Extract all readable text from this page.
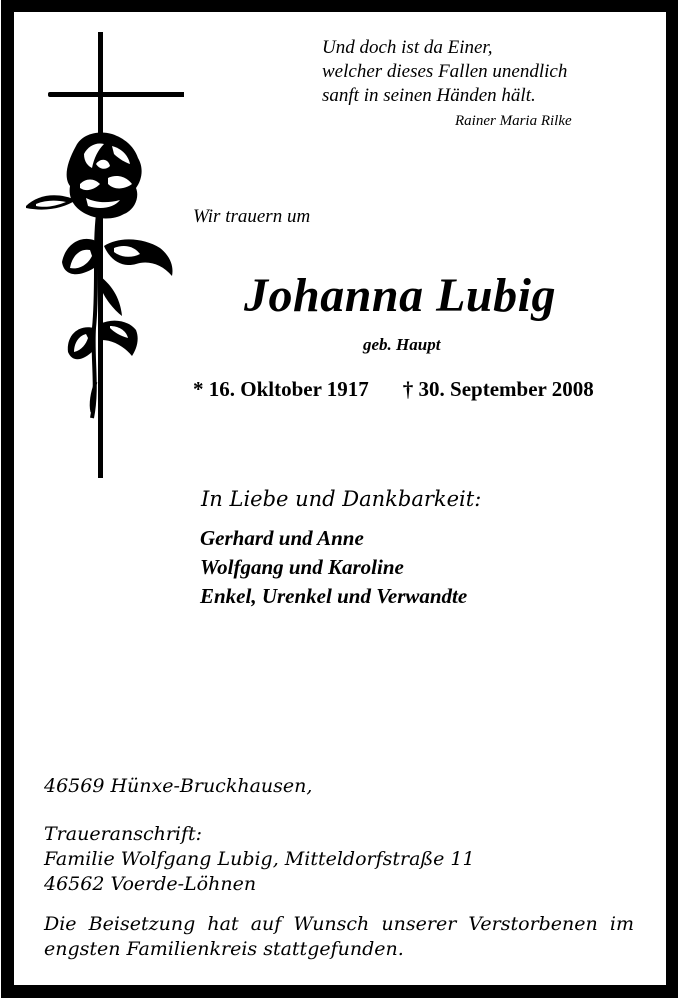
Und doch ist da Einer,
welcher dieses Fallen unendlich
sanft in seinen Händen hält.
Rainer Maria Rilke
Wir trauern um
Johanna Lubig
geb. Haupt
* 16. Okltober 1917 † 30. September 2008
In Liebe und Dankbarkeit:
Gerhard und Anne
Wolfgang und Karoline
Enkel, Urenkel und Verwandte
46569 Hünxe-Bruckhausen,
Traueranschrift:
Familie Wolfgang Lubig, Mitteldorfstraße 11
46562 Voerde-Löhnen
Die Beisetzung hat auf Wunsch unserer Verstorbenen im
engsten Familienkreis stattgefunden.
